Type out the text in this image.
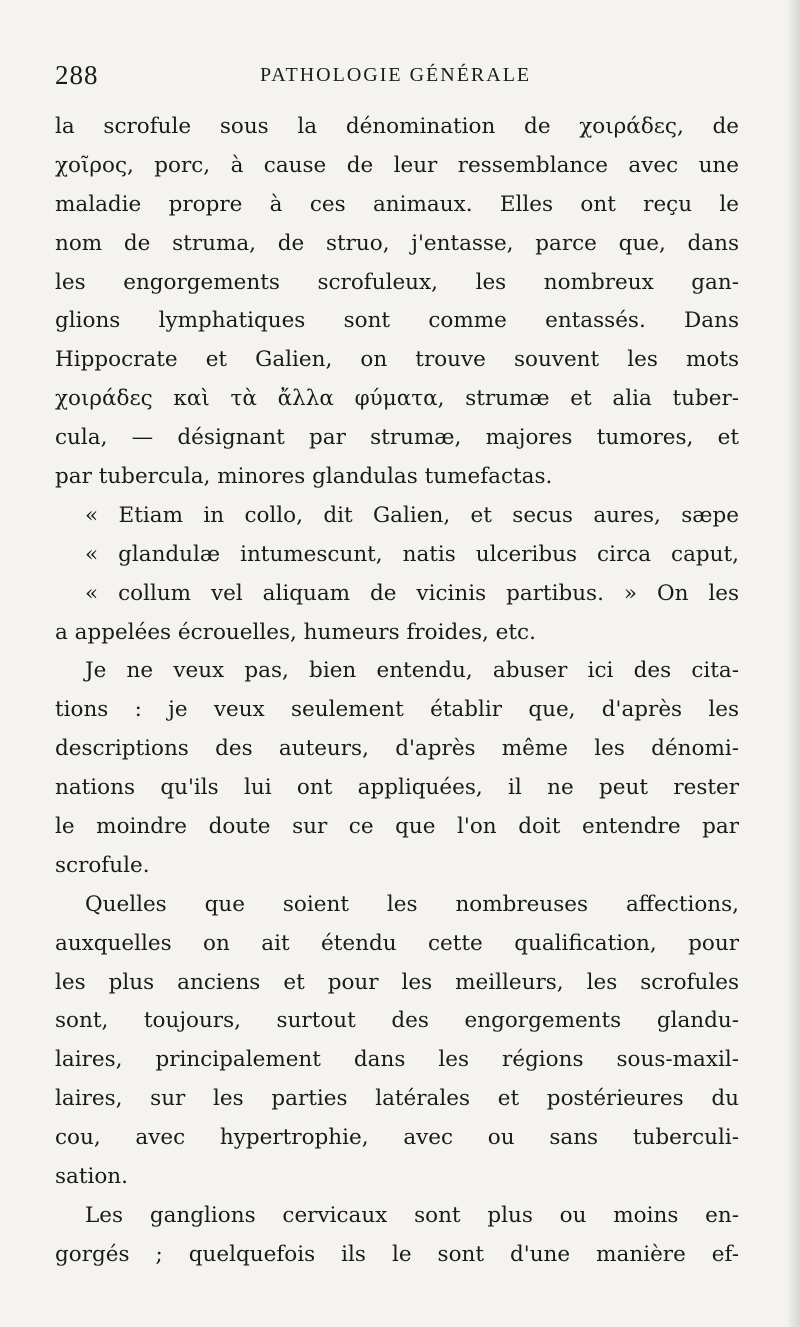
288	PATHOLOGIE GÉNÉRALE
la scrofule sous la dénomination de χοιράδες, de
χοῖρος, porc, à cause de leur ressemblance avec une
maladie propre à ces animaux. Elles ont reçu le
nom de struma, de struo, j'entasse, parce que, dans
les engorgements scrofuleux, les nombreux gan-
glions lymphatiques sont comme entassés. Dans
Hippocrate et Galien, on trouve souvent les mots
χοιράδες καὶ τὰ ἄλλα φύματα, strumæ et alia tuber-
cula, — désignant par strumæ, majores tumores, et
par tubercula, minores glandulas tumefactas.
« Etiam in collo, dit Galien, et secus aures, sæpe
« glandulæ intumescunt, natis ulceribus circa caput,
« collum vel aliquam de vicinis partibus. » On les
a appelées écrouelles, humeurs froides, etc.
Je ne veux pas, bien entendu, abuser ici des cita-
tions : je veux seulement établir que, d'après les
descriptions des auteurs, d'après même les dénomi-
nations qu'ils lui ont appliquées, il ne peut rester
le moindre doute sur ce que l'on doit entendre par
scrofule.
Quelles que soient les nombreuses affections,
auxquelles on ait étendu cette qualification, pour
les plus anciens et pour les meilleurs, les scrofules
sont, toujours, surtout des engorgements glandu-
laires, principalement dans les régions sous-maxil-
laires, sur les parties latérales et postérieures du
cou, avec hypertrophie, avec ou sans tuberculi-
sation.
Les ganglions cervicaux sont plus ou moins en-
gorgés ; quelquefois ils le sont d'une manière ef-
